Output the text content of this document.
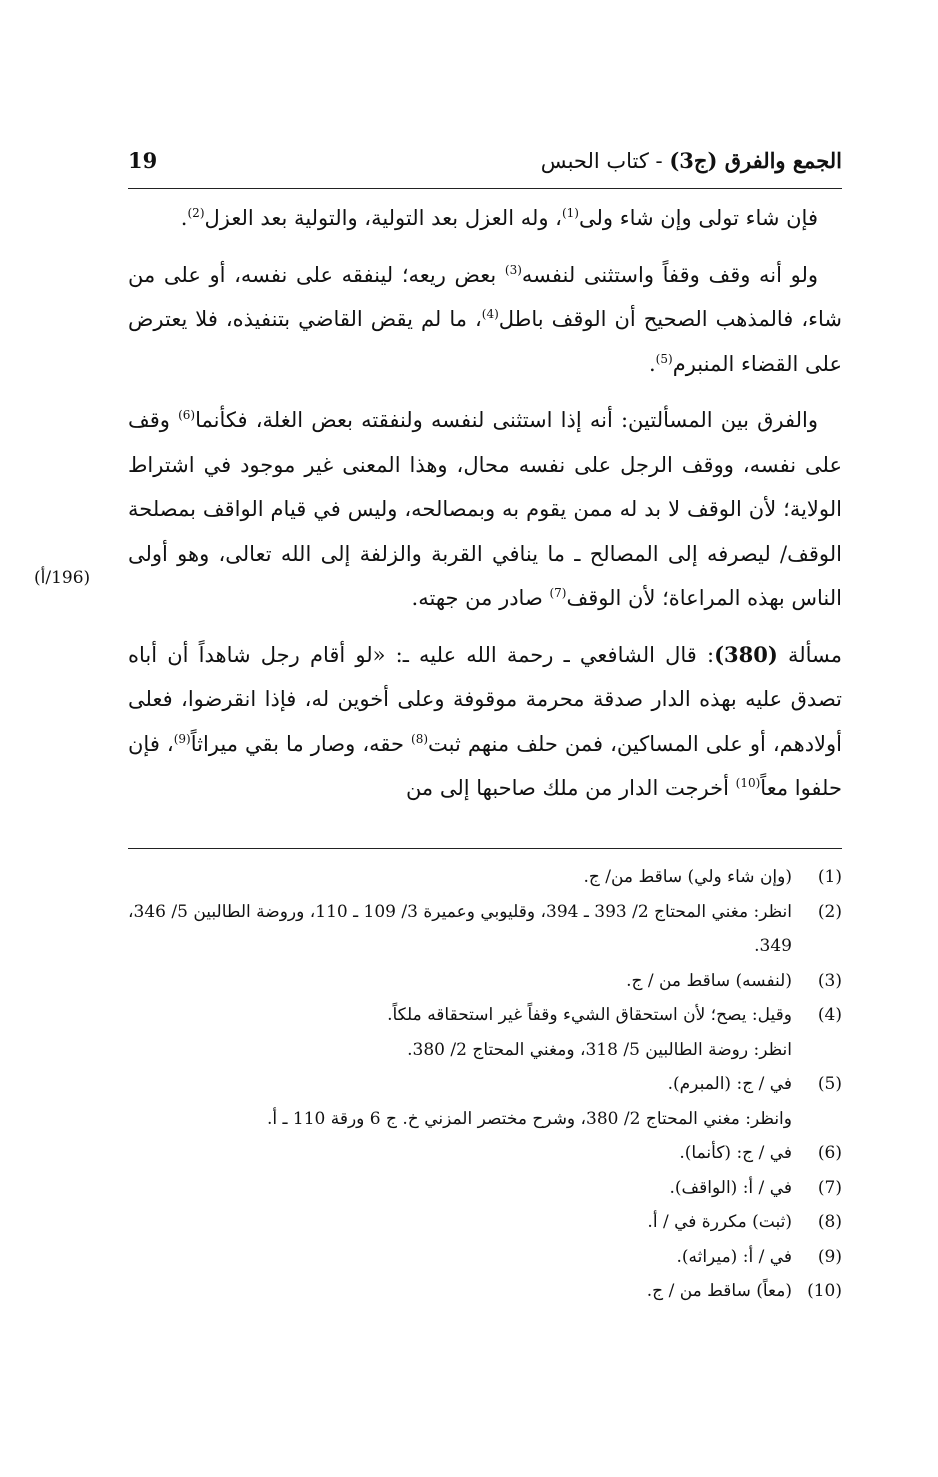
الجمع والفرق (ج3) - كتاب الحبس
19

فإن شاء تولى وإن شاء ولى$^{(1)}$، وله العزل بعد التولية، والتولية بعد العزل$^{(2)}$.

ولو أنه وقف وقفاً واستثنى لنفسه$^{(3)}$ بعض ريعه؛ لينفقه على نفسه، أو على من شاء، فالمذهب الصحيح أن الوقف باطل$^{(4)}$، ما لم يقض القاضي بتنفيذه، فلا يعترض على القضاء المنبرم$^{(5)}$.

والفرق بين المسألتين: أنه إذا استثنى لنفسه ولنفقته بعض الغلة، فكأنما$^{(6)}$ وقف على نفسه، ووقف الرجل على نفسه محال، وهذا المعنى غير موجود في اشتراط الولاية؛ لأن الوقف لا بد له ممن يقوم به وبمصالحه، وليس في قيام الواقف بمصلحة الوقف/ ليصرفه إلى المصالح ـ ما ينافي القربة والزلفة إلى الله تعالى، وهو أولى الناس بهذه المراعاة؛ لأن الوقف$^{(7)}$ صادر من جهته.

مسألة (380): قال الشافعي ـ رحمة الله عليه ـ: «لو أقام رجل شاهداً أن أباه تصدق عليه بهذه الدار صدقة محرمة موقوفة وعلى أخوين له، فإذا انقرضوا، فعلى أولادهم، أو على المساكين، فمن حلف منهم ثبت$^{(8)}$ حقه، وصار ما بقي ميراثاً$^{(9)}$، فإن حلفوا معاً$^{(10)}$ أخرجت الدار من ملك صاحبها إلى من

(196/أ)
(1)
(وإن شاء ولي) ساقط من/ ج.
(2)
انظر: مغني المحتاج 2/ 393 ـ 394، وقليوبي وعميرة 3/ 109 ـ 110، وروضة الطالبين 5/ 346، 349.
(3)
(لنفسه) ساقط من / ج.
(4)
وقيل: يصح؛ لأن استحقاق الشيء وقفاً غير استحقاقه ملكاً.
انظر: روضة الطالبين 5/ 318، ومغني المحتاج 2/ 380.
(5)
في / ج: (المبرم).
وانظر: مغني المحتاج 2/ 380، وشرح مختصر المزني خ. ج 6 ورقة 110 ـ أ.
(6)
في / ج: (كأنما).
(7)
في / أ: (الواقف).
(8)
(ثبت) مكررة في / أ.
(9)
في / أ: (ميراثه).
(10)
(معاً) ساقط من / ج.
